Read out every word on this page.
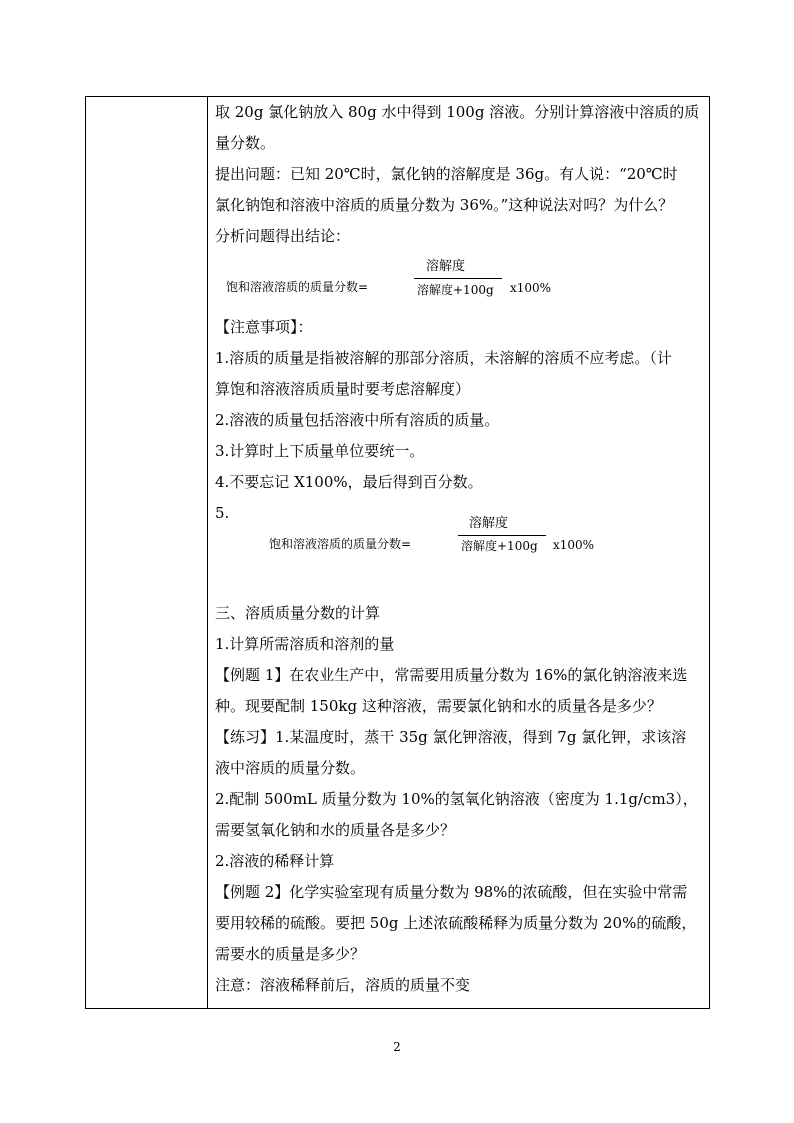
取 20g 氯化钠放入 80g 水中得到 100g 溶液。分别计算溶液中溶质的质
量分数。
提出问题：已知 20℃时，氯化钠的溶解度是 36g。有人说：“20℃时
氯化钠饱和溶液中溶质的质量分数为 36%。”这种说法对吗？为什么？
分析问题得出结论：
饱和溶液溶质的质量分数=
溶解度
溶解度+100g x100%
【注意事项】：
1.溶质的质量是指被溶解的那部分溶质，未溶解的溶质不应考虑。（计
算饱和溶液溶质质量时要考虑溶解度）
2.溶液的质量包括溶液中所有溶质的质量。
3.计算时上下质量单位要统一。
4.不要忘记 X100%，最后得到百分数。
5.
饱和溶液溶质的质量分数=
溶解度
溶解度+100g x100%
三、溶质质量分数的计算
1.计算所需溶质和溶剂的量
【例题 1】在农业生产中，常需要用质量分数为 16%的氯化钠溶液来选
种。现要配制 150kg 这种溶液，需要氯化钠和水的质量各是多少？
【练习】1.某温度时，蒸干 35g 氯化钾溶液，得到 7g 氯化钾，求该溶
液中溶质的质量分数。
2.配制 500mL 质量分数为 10%的氢氧化钠溶液（密度为 1.1g/cm3），
需要氢氧化钠和水的质量各是多少？
2.溶液的稀释计算
【例题 2】化学实验室现有质量分数为 98%的浓硫酸，但在实验中常需
要用较稀的硫酸。要把 50g 上述浓硫酸稀释为质量分数为 20%的硫酸，
需要水的质量是多少？
注意：溶液稀释前后，溶质的质量不变
2
